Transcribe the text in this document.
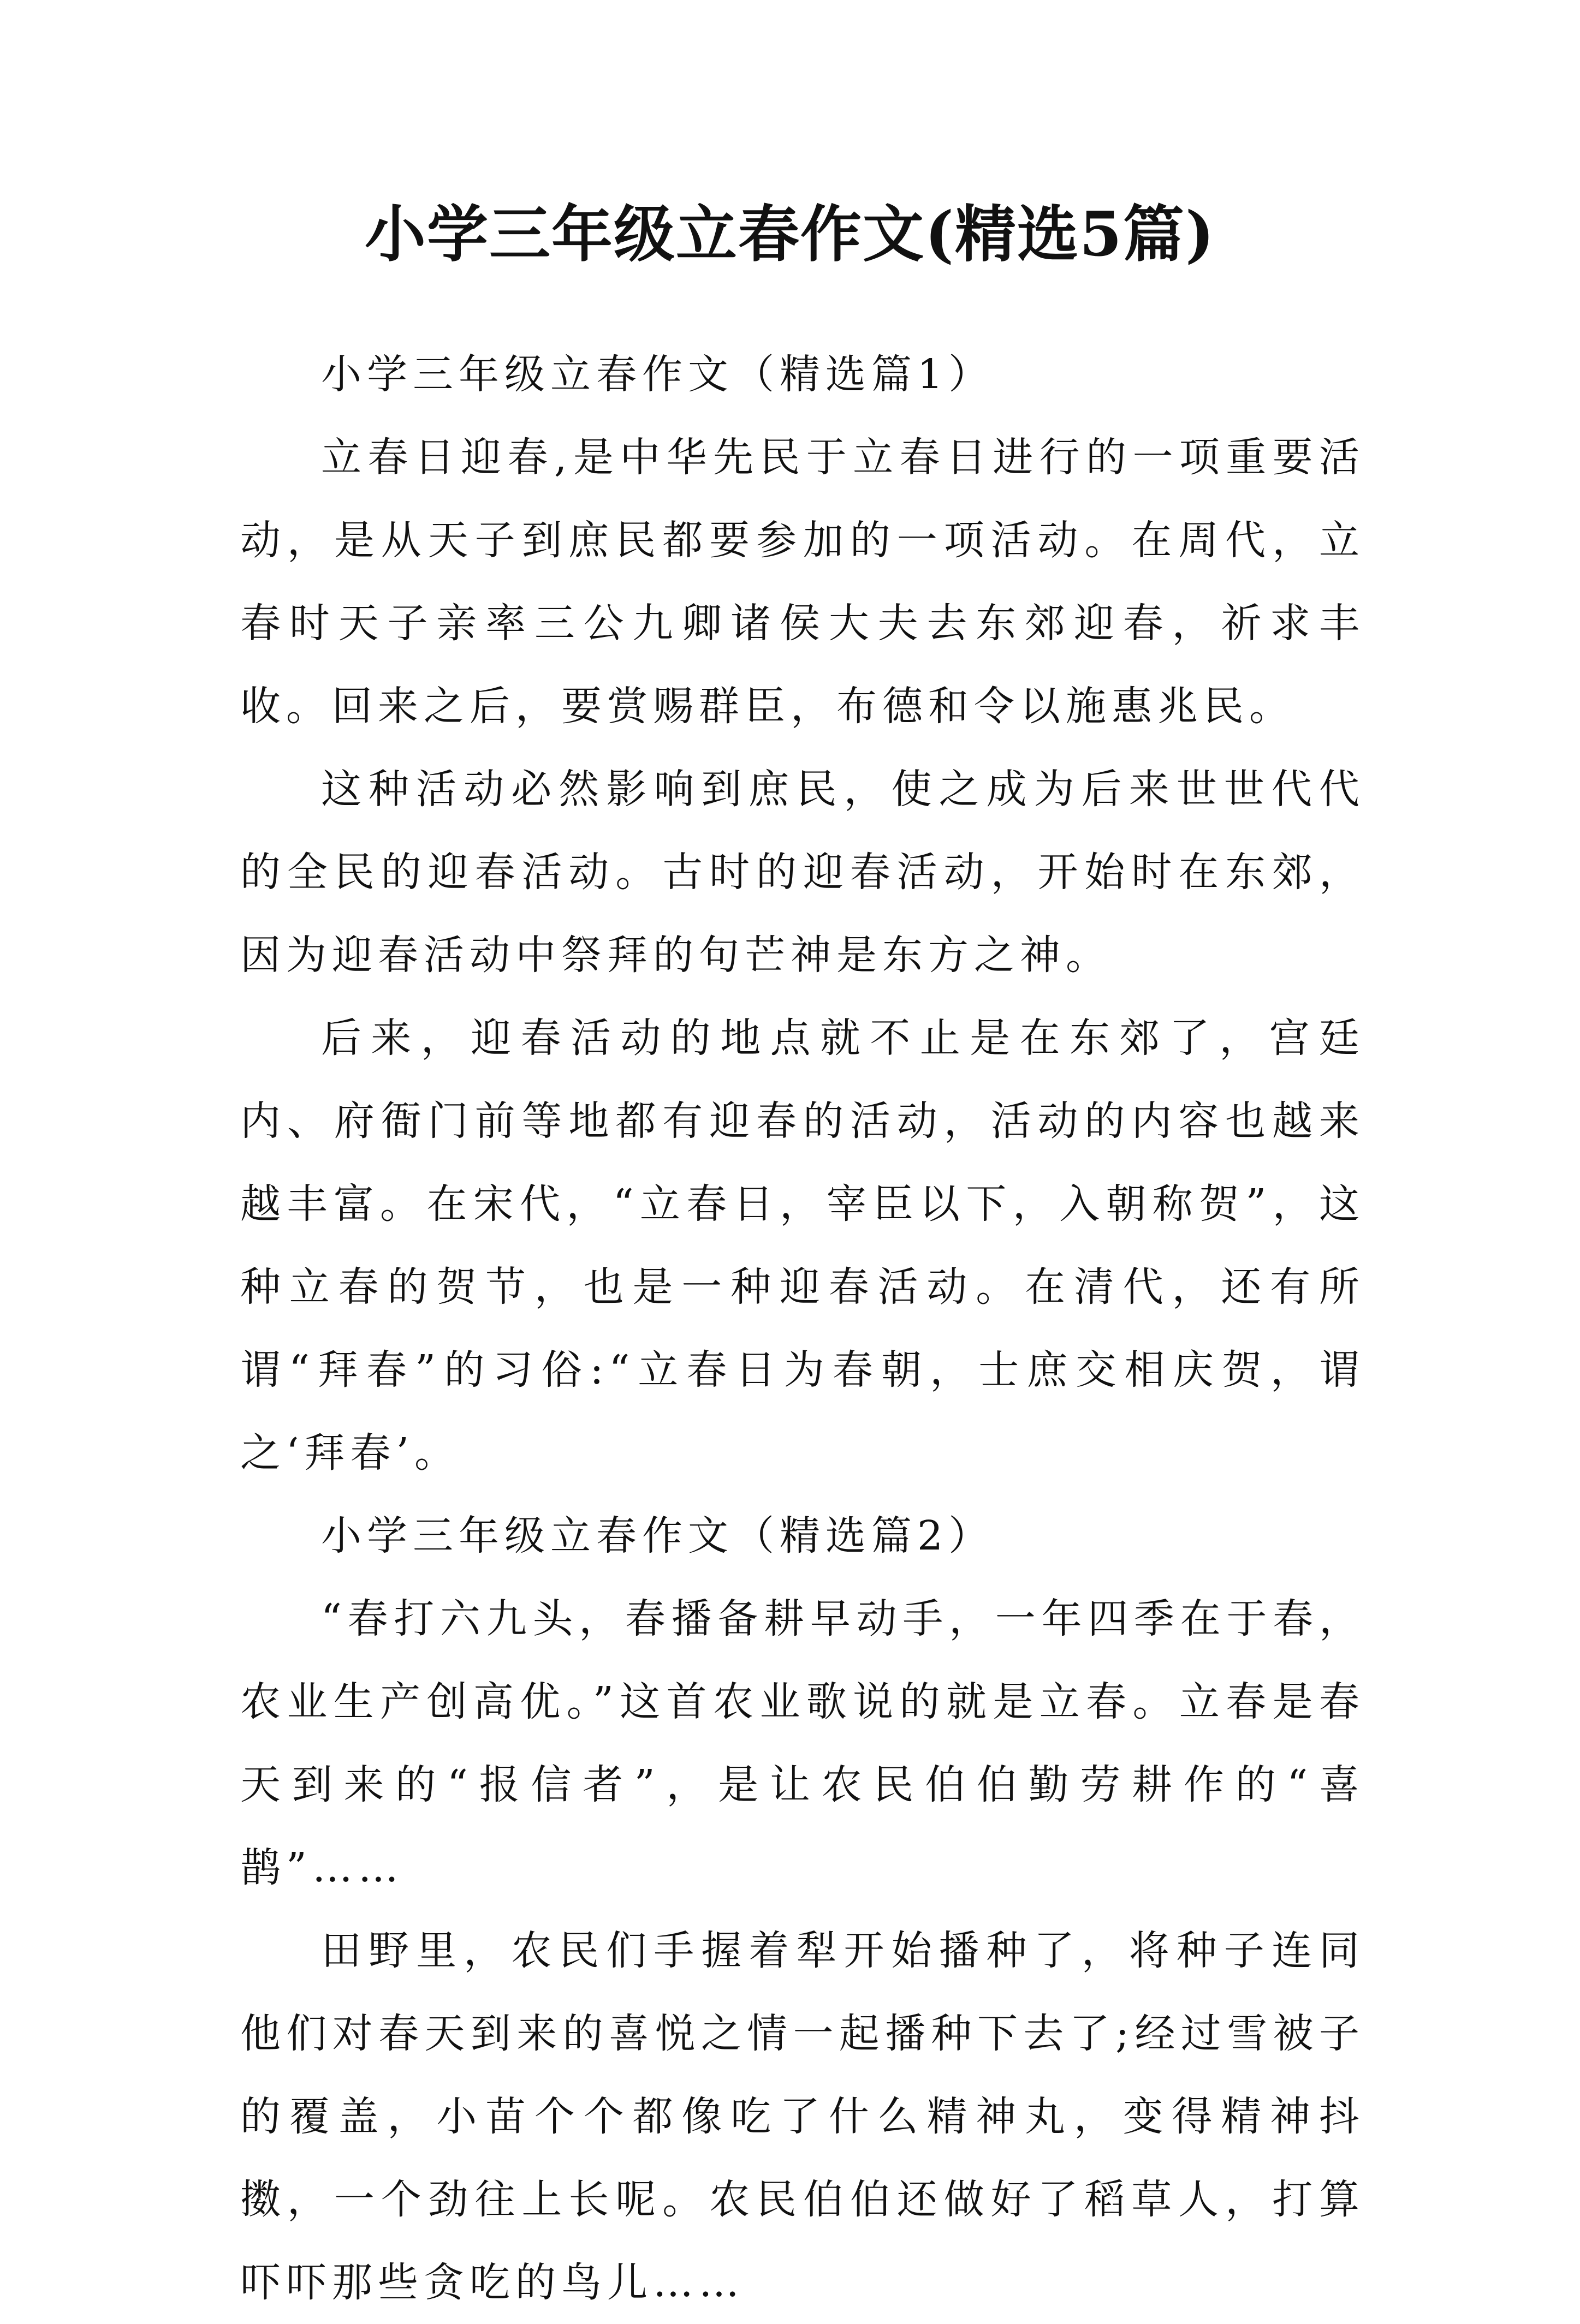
小学三年级立春作文(精选5篇)

小学三年级立春作文（精选篇1）

立春日迎春,是中华先民于立春日进行的一项重要活动，是从天子到庶民都要参加的一项活动。在周代，立春时天子亲率三公九卿诸侯大夫去东郊迎春，祈求丰收。回来之后，要赏赐群臣，布德和令以施惠兆民。

这种活动必然影响到庶民，使之成为后来世世代代的全民的迎春活动。古时的迎春活动，开始时在东郊，因为迎春活动中祭拜的句芒神是东方之神。

后来，迎春活动的地点就不止是在东郊了，宫廷内、府衙门前等地都有迎春的活动，活动的内容也越来越丰富。在宋代，“立春日，宰臣以下，入朝称贺”，这种立春的贺节，也是一种迎春活动。在清代，还有所谓“拜春”的习俗:“立春日为春朝，士庶交相庆贺，谓之‘拜春’。

小学三年级立春作文（精选篇2）

“春打六九头，春播备耕早动手，一年四季在于春，农业生产创高优。”这首农业歌说的就是立春。立春是春天到来的“报信者”，是让农民伯伯勤劳耕作的“喜鹊”……

田野里，农民们手握着犁开始播种了，将种子连同他们对春天到来的喜悦之情一起播种下去了;经过雪被子的覆盖，小苗个个都像吃了什么精神丸，变得精神抖擞，一个劲往上长呢。农民伯伯还做好了稻草人，打算吓吓那些贪吃的鸟儿……
